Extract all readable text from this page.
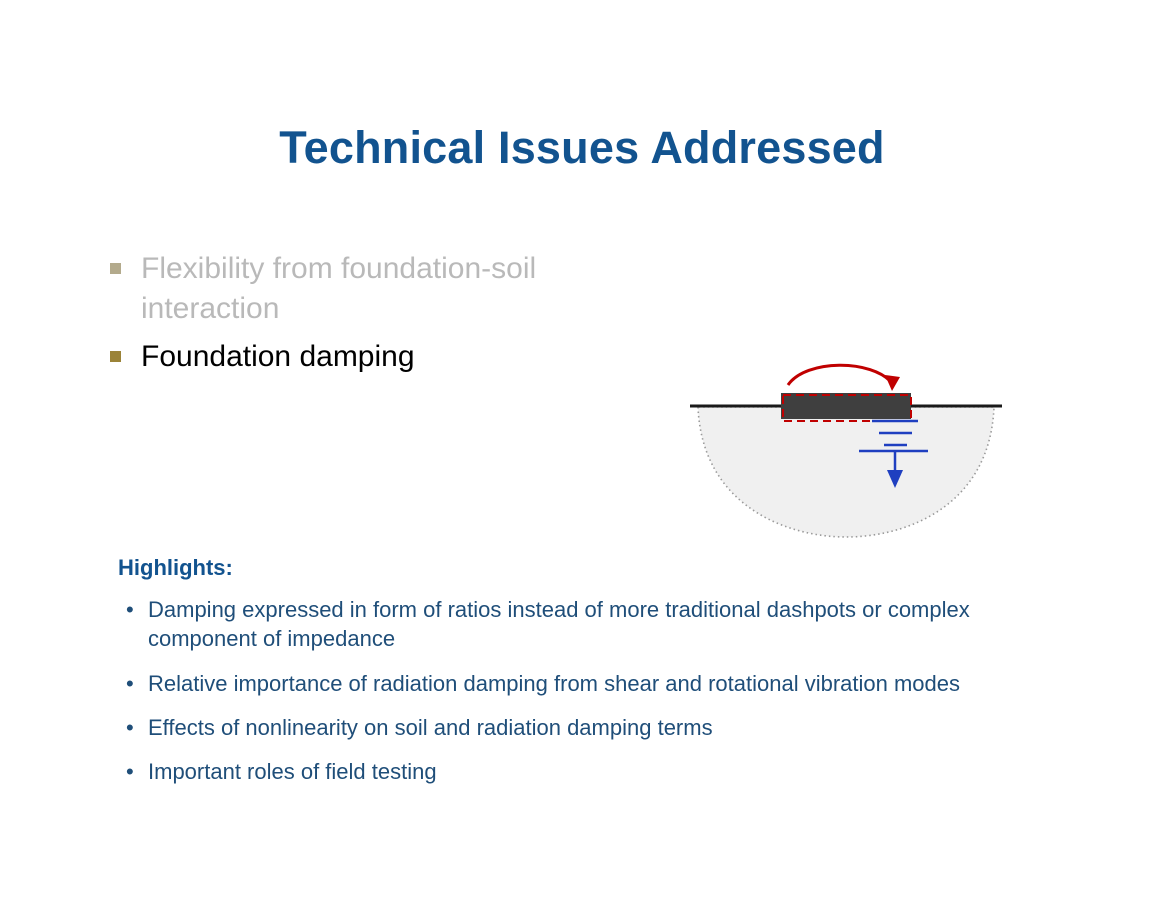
Technical Issues Addressed
Flexibility from foundation-soil interaction
Foundation damping
Highlights:
• Damping expressed in form of ratios instead of more traditional dashpots or complex component of impedance
• Relative importance of radiation damping from shear and rotational vibration modes
• Effects of nonlinearity on soil and radiation damping terms
• Important roles of field testing
